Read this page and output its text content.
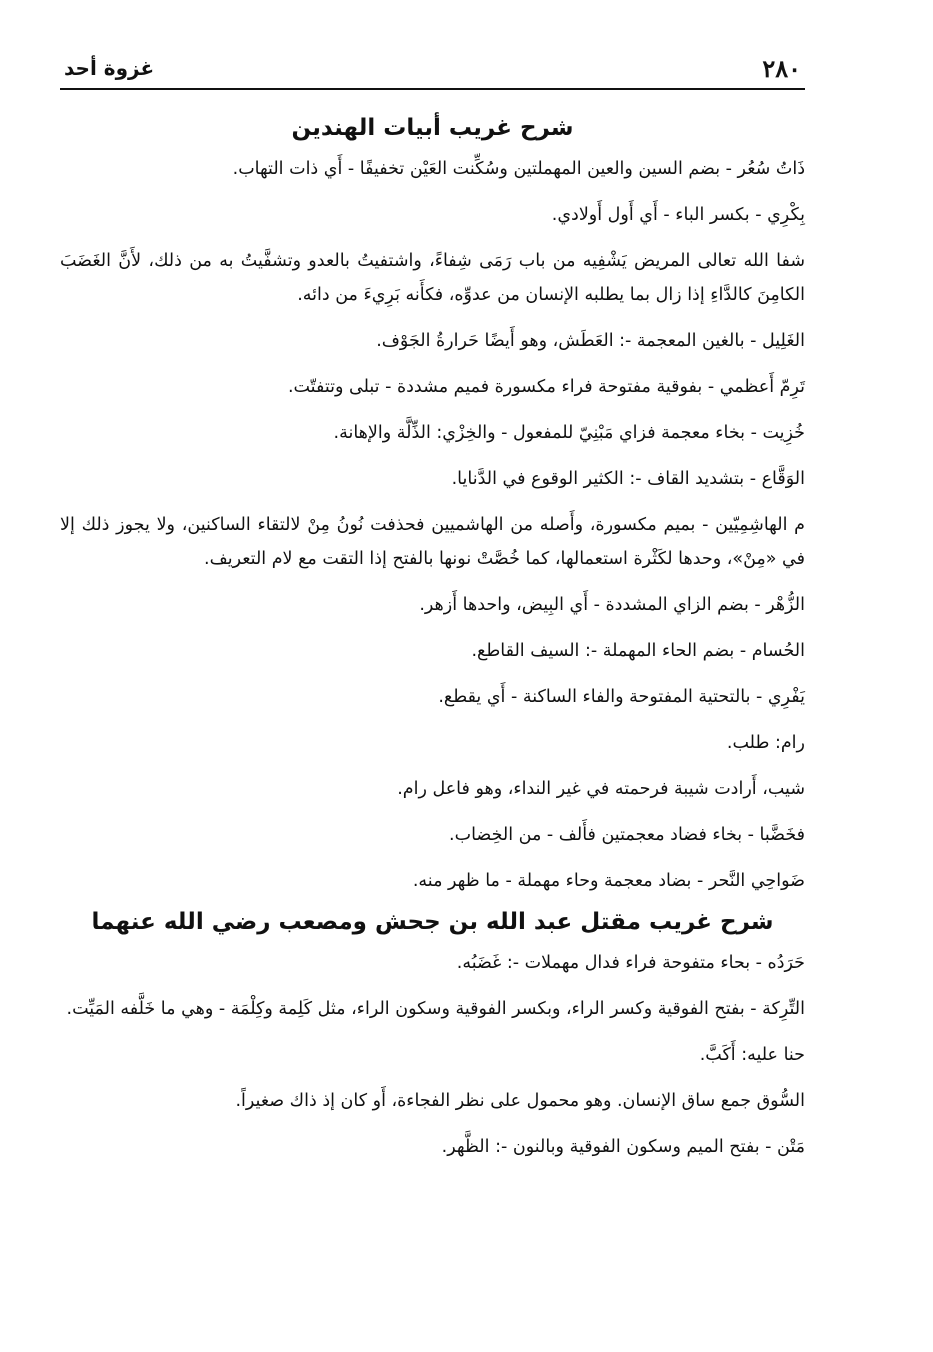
٢٨٠
غزوة أحد
شرح غريب أبيات الهندين

ذَاتُ سُعُر - بضم السين والعين المهملتين وسُكِّنت العَيْن تخفيفًا - أَي ذات التهاب.

بِكْرِي - بكسر الباء - أَي أَول أَولادي.

شفا الله تعالى المريض يَشْفِيه من باب رَمَى شِفاءً، واشتفيتُ بالعدو وتشفَّيتُ به من ذلك، لأَنَّ الغَضَبَ الكامِنَ كالدَّاءِ إذا زال بما يطلبه الإنسان من عدوِّه، فكأَنه بَرِيءَ من دائه.

الغَلِيل - بالغين المعجمة -: العَطَش، وهو أَيضًا حَرارةُ الجَوْف.

تَرِمّ أَعظمي - بفوقية مفتوحة فراء مكسورة فميم مشددة - تبلى وتتفتّت.

خُزِيت - بخاء معجمة فزاي مَبْنِيّ للمفعول - والخِزْي: الذِّلَّة والإهانة.

الوَقَّاع - بتشديد القاف -: الكثير الوقوع في الدَّنايا.

م الهاشِمِيّين - بميم مكسورة، وأَصله من الهاشميين فحذفت نُونُ مِنْ لالتقاء الساكنين، ولا يجوز ذلك إلا في «مِنْ»، وحدها لكَثْرة استعمالها، كما خُصَّتْ نونها بالفتح إذا التقت مع لام التعريف.

الزُّهْر - بضم الزاي المشددة - أَي البِيض، واحدها أَزهر.

الحُسام - بضم الحاء المهملة -: السيف القاطع.

يَفْرِي - بالتحتية المفتوحة والفاء الساكنة - أَي يقطع.

رام: طلب.

شيب، أَرادت شيبة فرحمته في غير النداء، وهو فاعل رام.

فخَضَّبا - بخاء فضاد معجمتين فأَلف - من الخِضاب.

ضَواحِي النَّحر - بضاد معجمة وحاء مهملة - ما ظهر منه.

شرح غريب مقتل عبد الله بن جحش ومصعب رضي الله عنهما

حَرَدُه - بحاء متفوحة فراء فدال مهملات -: غَضَبُه.

التِّرِكة - بفتح الفوقية وكسر الراء، وبكسر الفوقية وسكون الراء، مثل كَلِمة وكِلْمَة - وهي ما خَلَّفه المَيِّت.

حنا عليه: أَكَبَّ.

السُّوق جمع ساق الإنسان. وهو محمول على نظر الفجاءة، أَو كان إذ ذاك صغيراً.

مَتْن - بفتح الميم وسكون الفوقية وبالنون -: الظَّهر.
